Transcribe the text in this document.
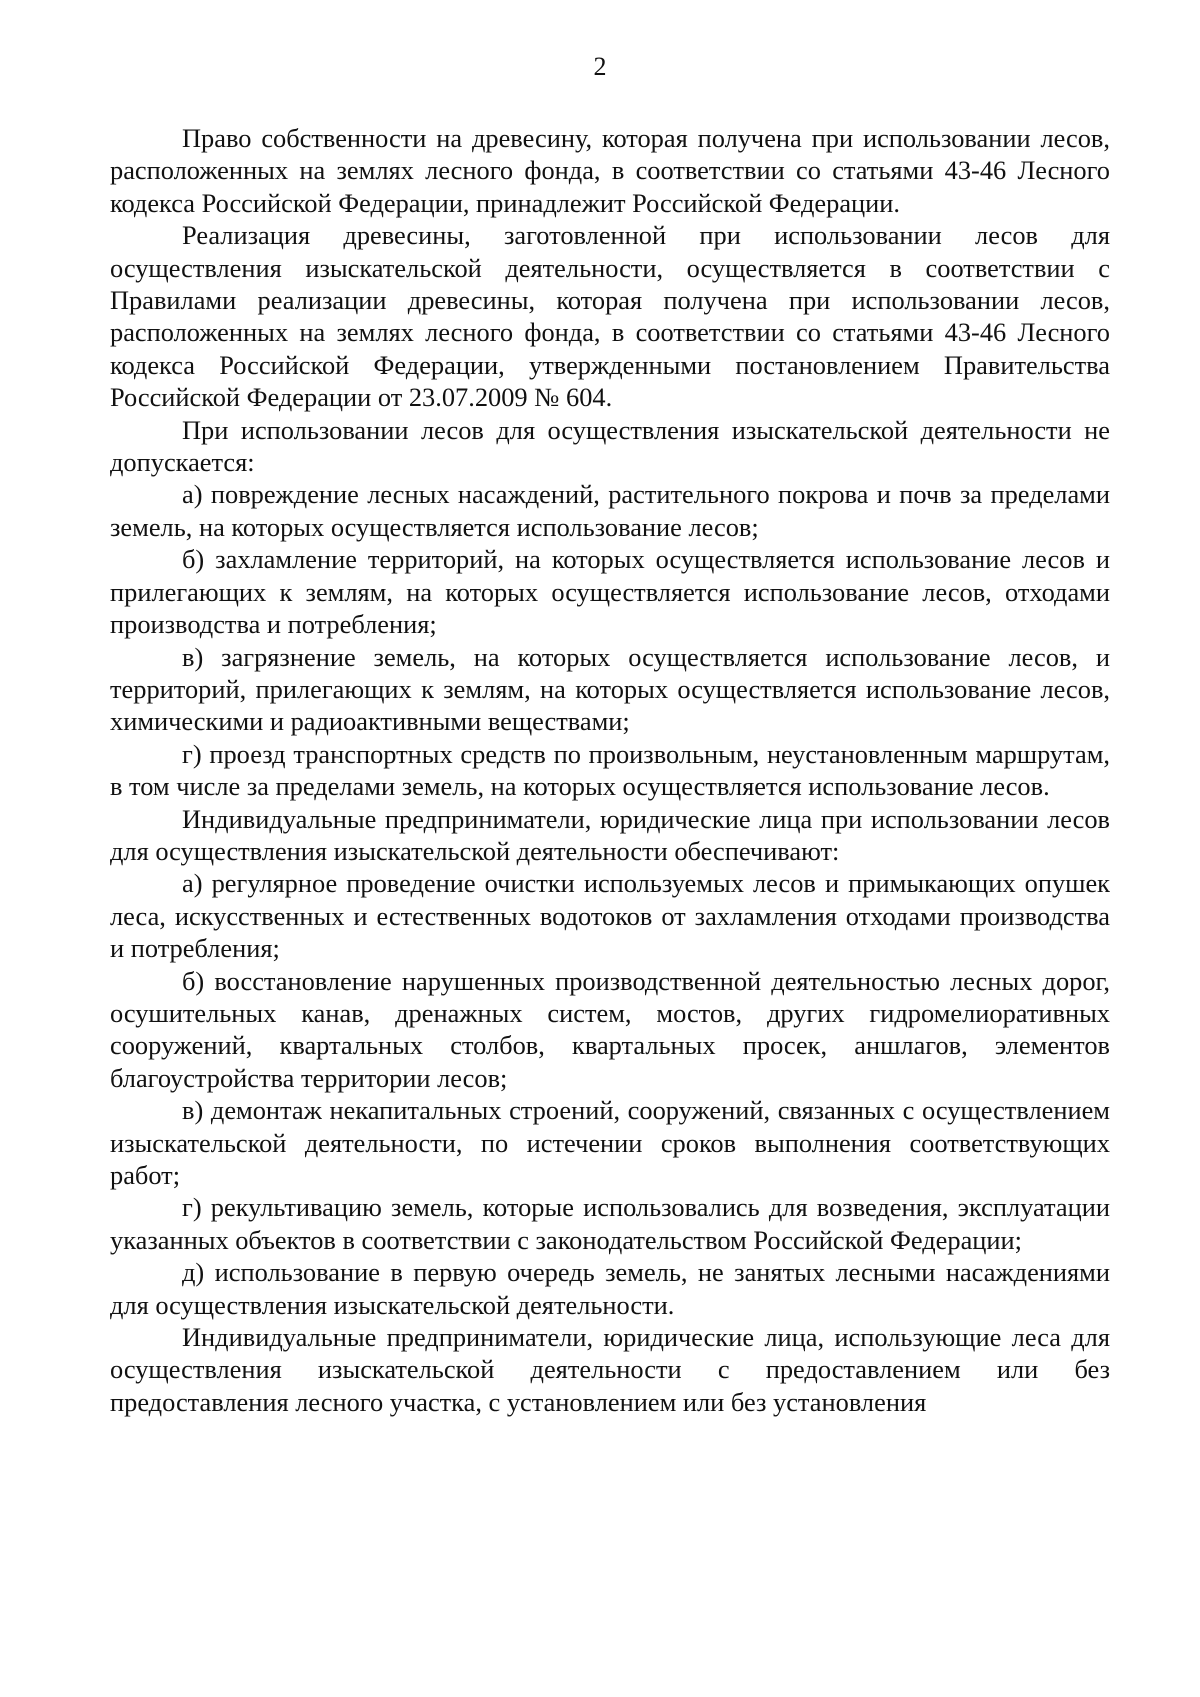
2

Право собственности на древесину, которая получена при использовании лесов, расположенных на землях лесного фонда, в соответствии со статьями 43-46 Лесного кодекса Российской Федерации, принадлежит Российской Федерации.

Реализация древесины, заготовленной при использовании лесов для осуществления изыскательской деятельности, осуществляется в соответствии с Правилами реализации древесины, которая получена при использовании лесов, расположенных на землях лесного фонда, в соответствии со статьями 43-46 Лесного кодекса Российской Федерации, утвержденными постановлением Правительства Российской Федерации от 23.07.2009 № 604.

При использовании лесов для осуществления изыскательской деятельности не допускается:

а) повреждение лесных насаждений, растительного покрова и почв за пределами земель, на которых осуществляется использование лесов;

б) захламление территорий, на которых осуществляется использование лесов и прилегающих к землям, на которых осуществляется использование лесов, отходами производства и потребления;

в) загрязнение земель, на которых осуществляется использование лесов, и территорий, прилегающих к землям, на которых осуществляется использование лесов, химическими и радиоактивными веществами;

г) проезд транспортных средств по произвольным, неустановленным маршрутам, в том числе за пределами земель, на которых осуществляется использование лесов.

Индивидуальные предприниматели, юридические лица при использовании лесов для осуществления изыскательской деятельности обеспечивают:

а) регулярное проведение очистки используемых лесов и примыкающих опушек леса, искусственных и естественных водотоков от захламления отходами производства и потребления;

б) восстановление нарушенных производственной деятельностью лесных дорог, осушительных канав, дренажных систем, мостов, других гидромелиоративных сооружений, квартальных столбов, квартальных просек, аншлагов, элементов благоустройства территории лесов;

в) демонтаж некапитальных строений, сооружений, связанных с осуществлением изыскательской деятельности, по истечении сроков выполнения соответствующих работ;

г) рекультивацию земель, которые использовались для возведения, эксплуатации указанных объектов в соответствии с законодательством Российской Федерации;

д) использование в первую очередь земель, не занятых лесными насаждениями для осуществления изыскательской деятельности.

Индивидуальные предприниматели, юридические лица, использующие леса для осуществления изыскательской деятельности с предоставлением или без предоставления лесного участка, с установлением или без установления
